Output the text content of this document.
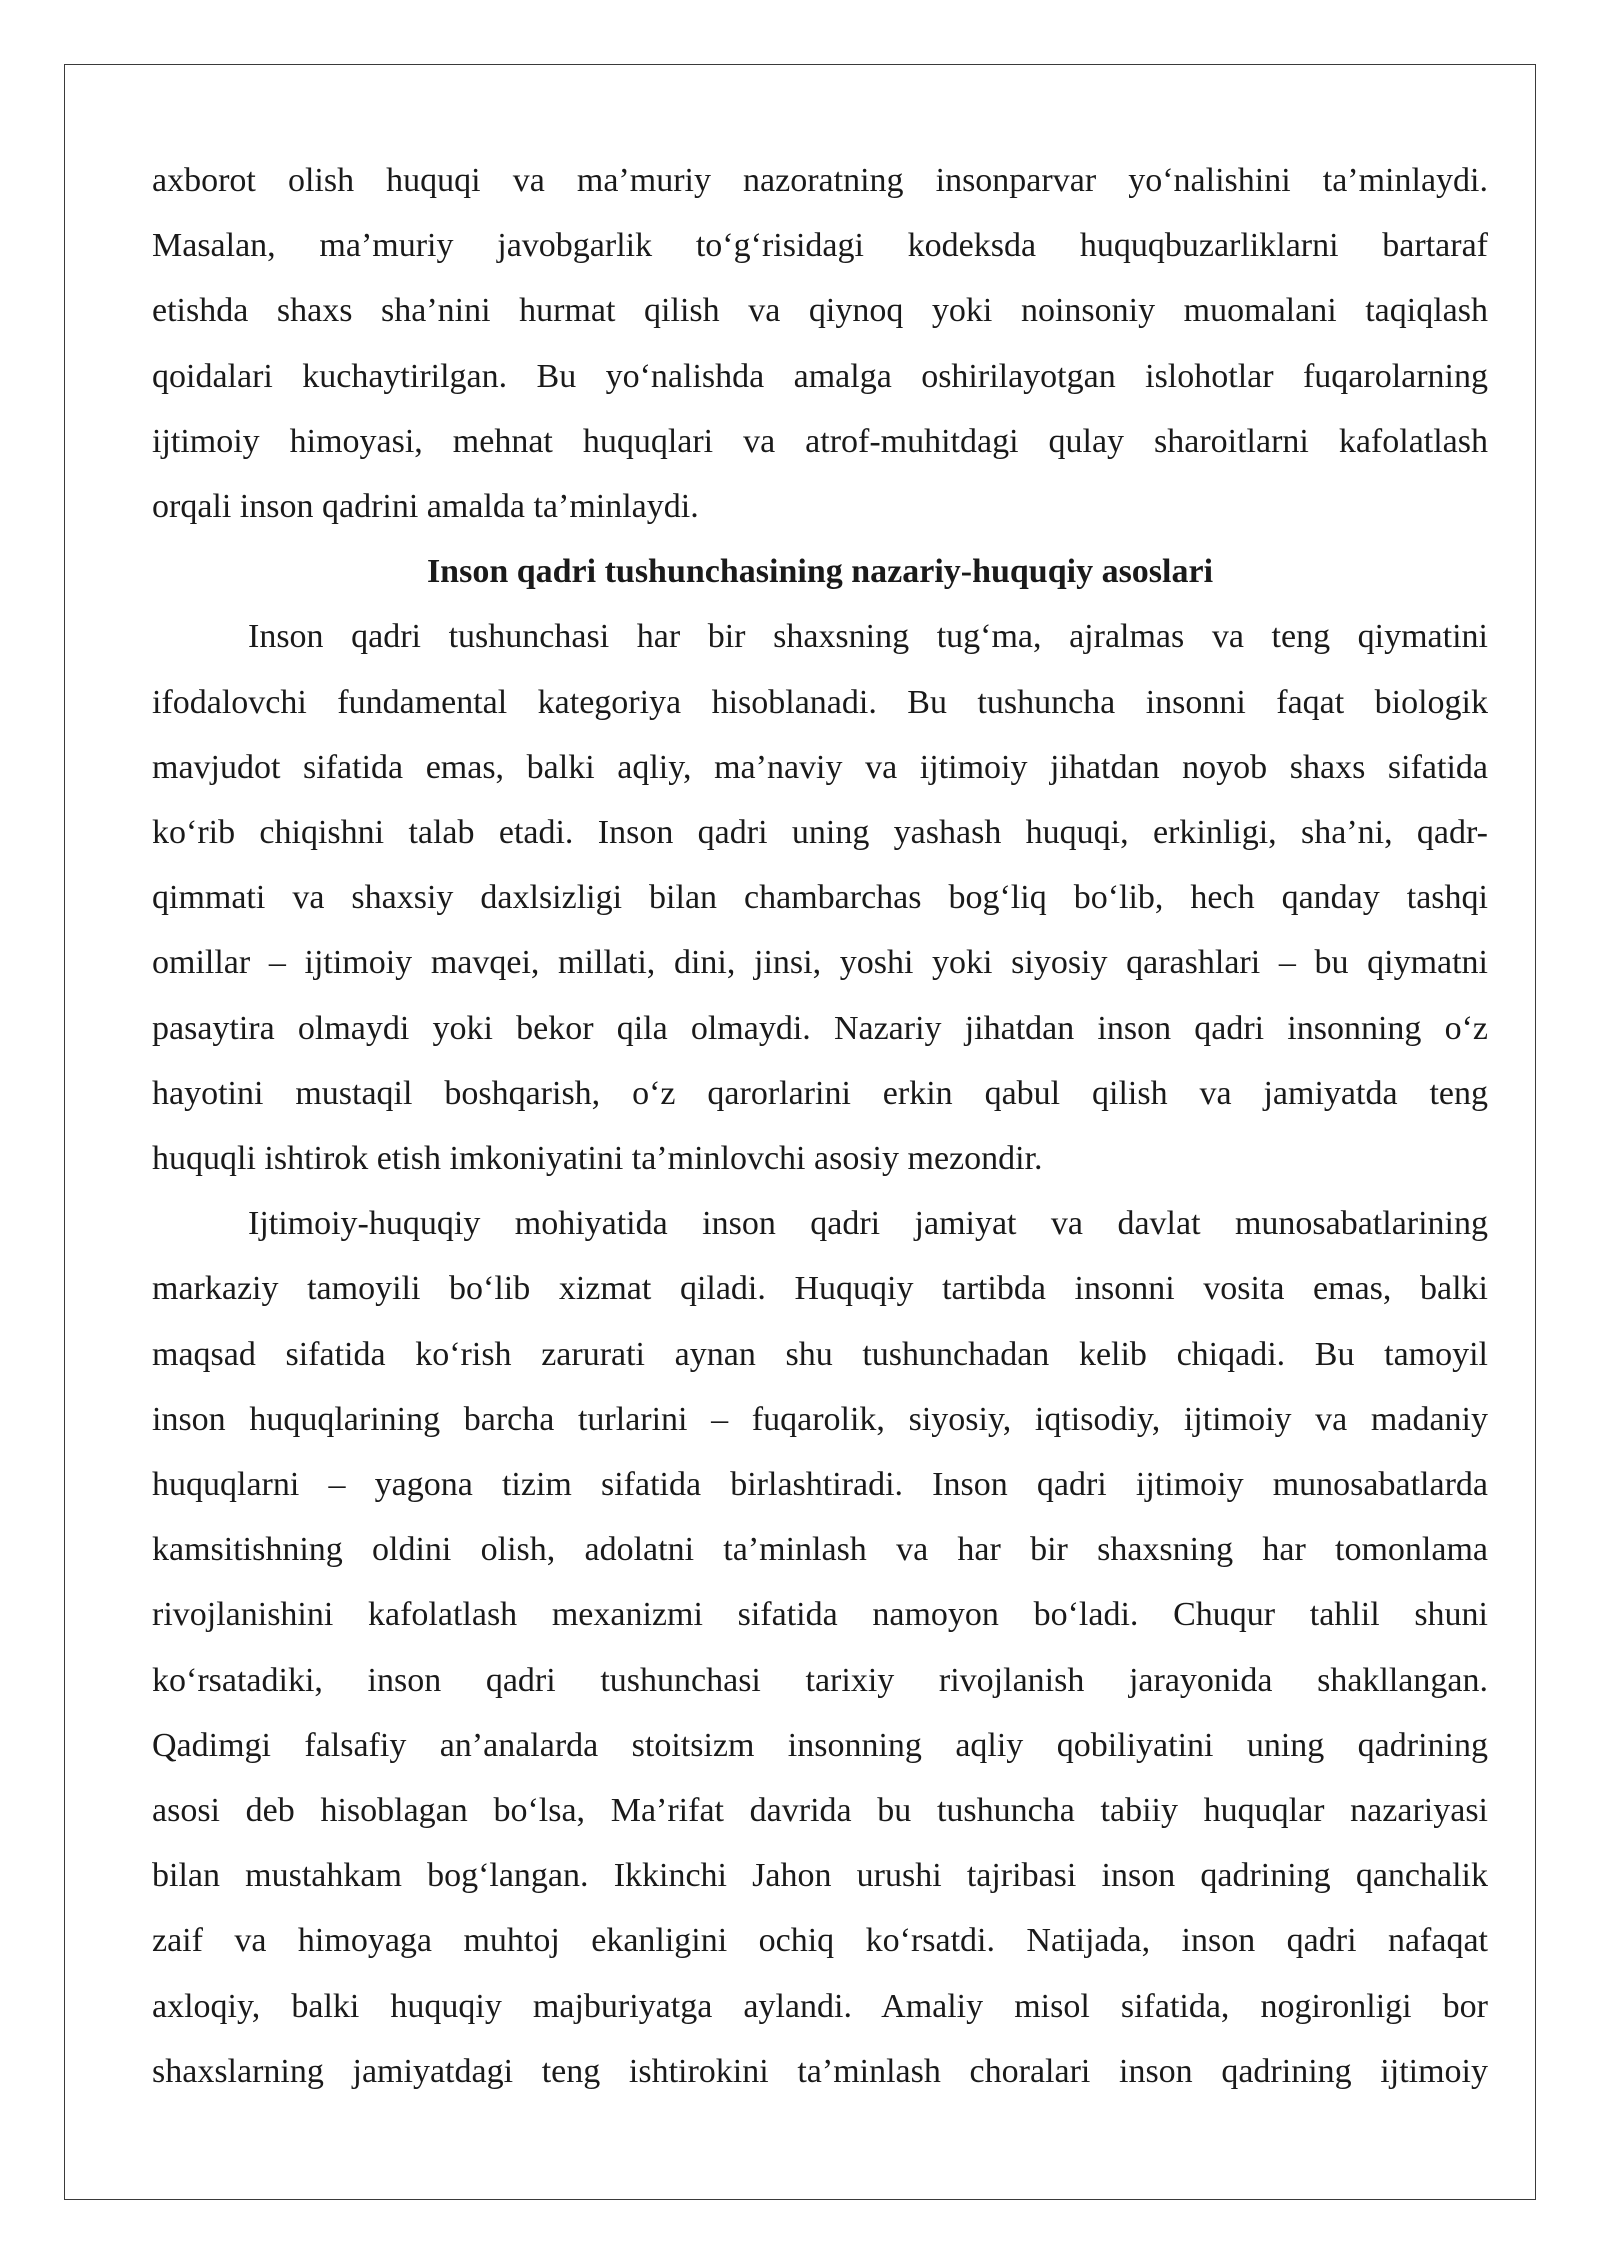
axborot olish huquqi va ma’muriy nazoratning insonparvar yo‘nalishini ta’minlaydi.
Masalan, ma’muriy javobgarlik to‘g‘risidagi kodeksda huquqbuzarliklarni bartaraf
etishda shaxs sha’nini hurmat qilish va qiynoq yoki noinsoniy muomalani taqiqlash
qoidalari kuchaytirilgan. Bu yo‘nalishda amalga oshirilayotgan islohotlar fuqarolarning
ijtimoiy himoyasi, mehnat huquqlari va atrof-muhitdagi qulay sharoitlarni kafolatlash
orqali inson qadrini amalda ta’minlaydi.
Inson qadri tushunchasining nazariy-huquqiy asoslari
Inson qadri tushunchasi har bir shaxsning tug‘ma, ajralmas va teng qiymatini
ifodalovchi fundamental kategoriya hisoblanadi. Bu tushuncha insonni faqat biologik
mavjudot sifatida emas, balki aqliy, ma’naviy va ijtimoiy jihatdan noyob shaxs sifatida
ko‘rib chiqishni talab etadi. Inson qadri uning yashash huquqi, erkinligi, sha’ni, qadr-
qimmati va shaxsiy daxlsizligi bilan chambarchas bog‘liq bo‘lib, hech qanday tashqi
omillar – ijtimoiy mavqei, millati, dini, jinsi, yoshi yoki siyosiy qarashlari – bu qiymatni
pasaytira olmaydi yoki bekor qila olmaydi. Nazariy jihatdan inson qadri insonning o‘z
hayotini mustaqil boshqarish, o‘z qarorlarini erkin qabul qilish va jamiyatda teng
huquqli ishtirok etish imkoniyatini ta’minlovchi asosiy mezondir.
Ijtimoiy-huquqiy mohiyatida inson qadri jamiyat va davlat munosabatlarining
markaziy tamoyili bo‘lib xizmat qiladi. Huquqiy tartibda insonni vosita emas, balki
maqsad sifatida ko‘rish zarurati aynan shu tushunchadan kelib chiqadi. Bu tamoyil
inson huquqlarining barcha turlarini – fuqarolik, siyosiy, iqtisodiy, ijtimoiy va madaniy
huquqlarni – yagona tizim sifatida birlashtiradi. Inson qadri ijtimoiy munosabatlarda
kamsitishning oldini olish, adolatni ta’minlash va har bir shaxsning har tomonlama
rivojlanishini kafolatlash mexanizmi sifatida namoyon bo‘ladi. Chuqur tahlil shuni
ko‘rsatadiki, inson qadri tushunchasi tarixiy rivojlanish jarayonida shakllangan.
Qadimgi falsafiy an’analarda stoitsizm insonning aqliy qobiliyatini uning qadrining
asosi deb hisoblagan bo‘lsa, Ma’rifat davrida bu tushuncha tabiiy huquqlar nazariyasi
bilan mustahkam bog‘langan. Ikkinchi Jahon urushi tajribasi inson qadrining qanchalik
zaif va himoyaga muhtoj ekanligini ochiq ko‘rsatdi. Natijada, inson qadri nafaqat
axloqiy, balki huquqiy majburiyatga aylandi. Amaliy misol sifatida, nogironligi bor
shaxslarning jamiyatdagi teng ishtirokini ta’minlash choralari inson qadrining ijtimoiy
